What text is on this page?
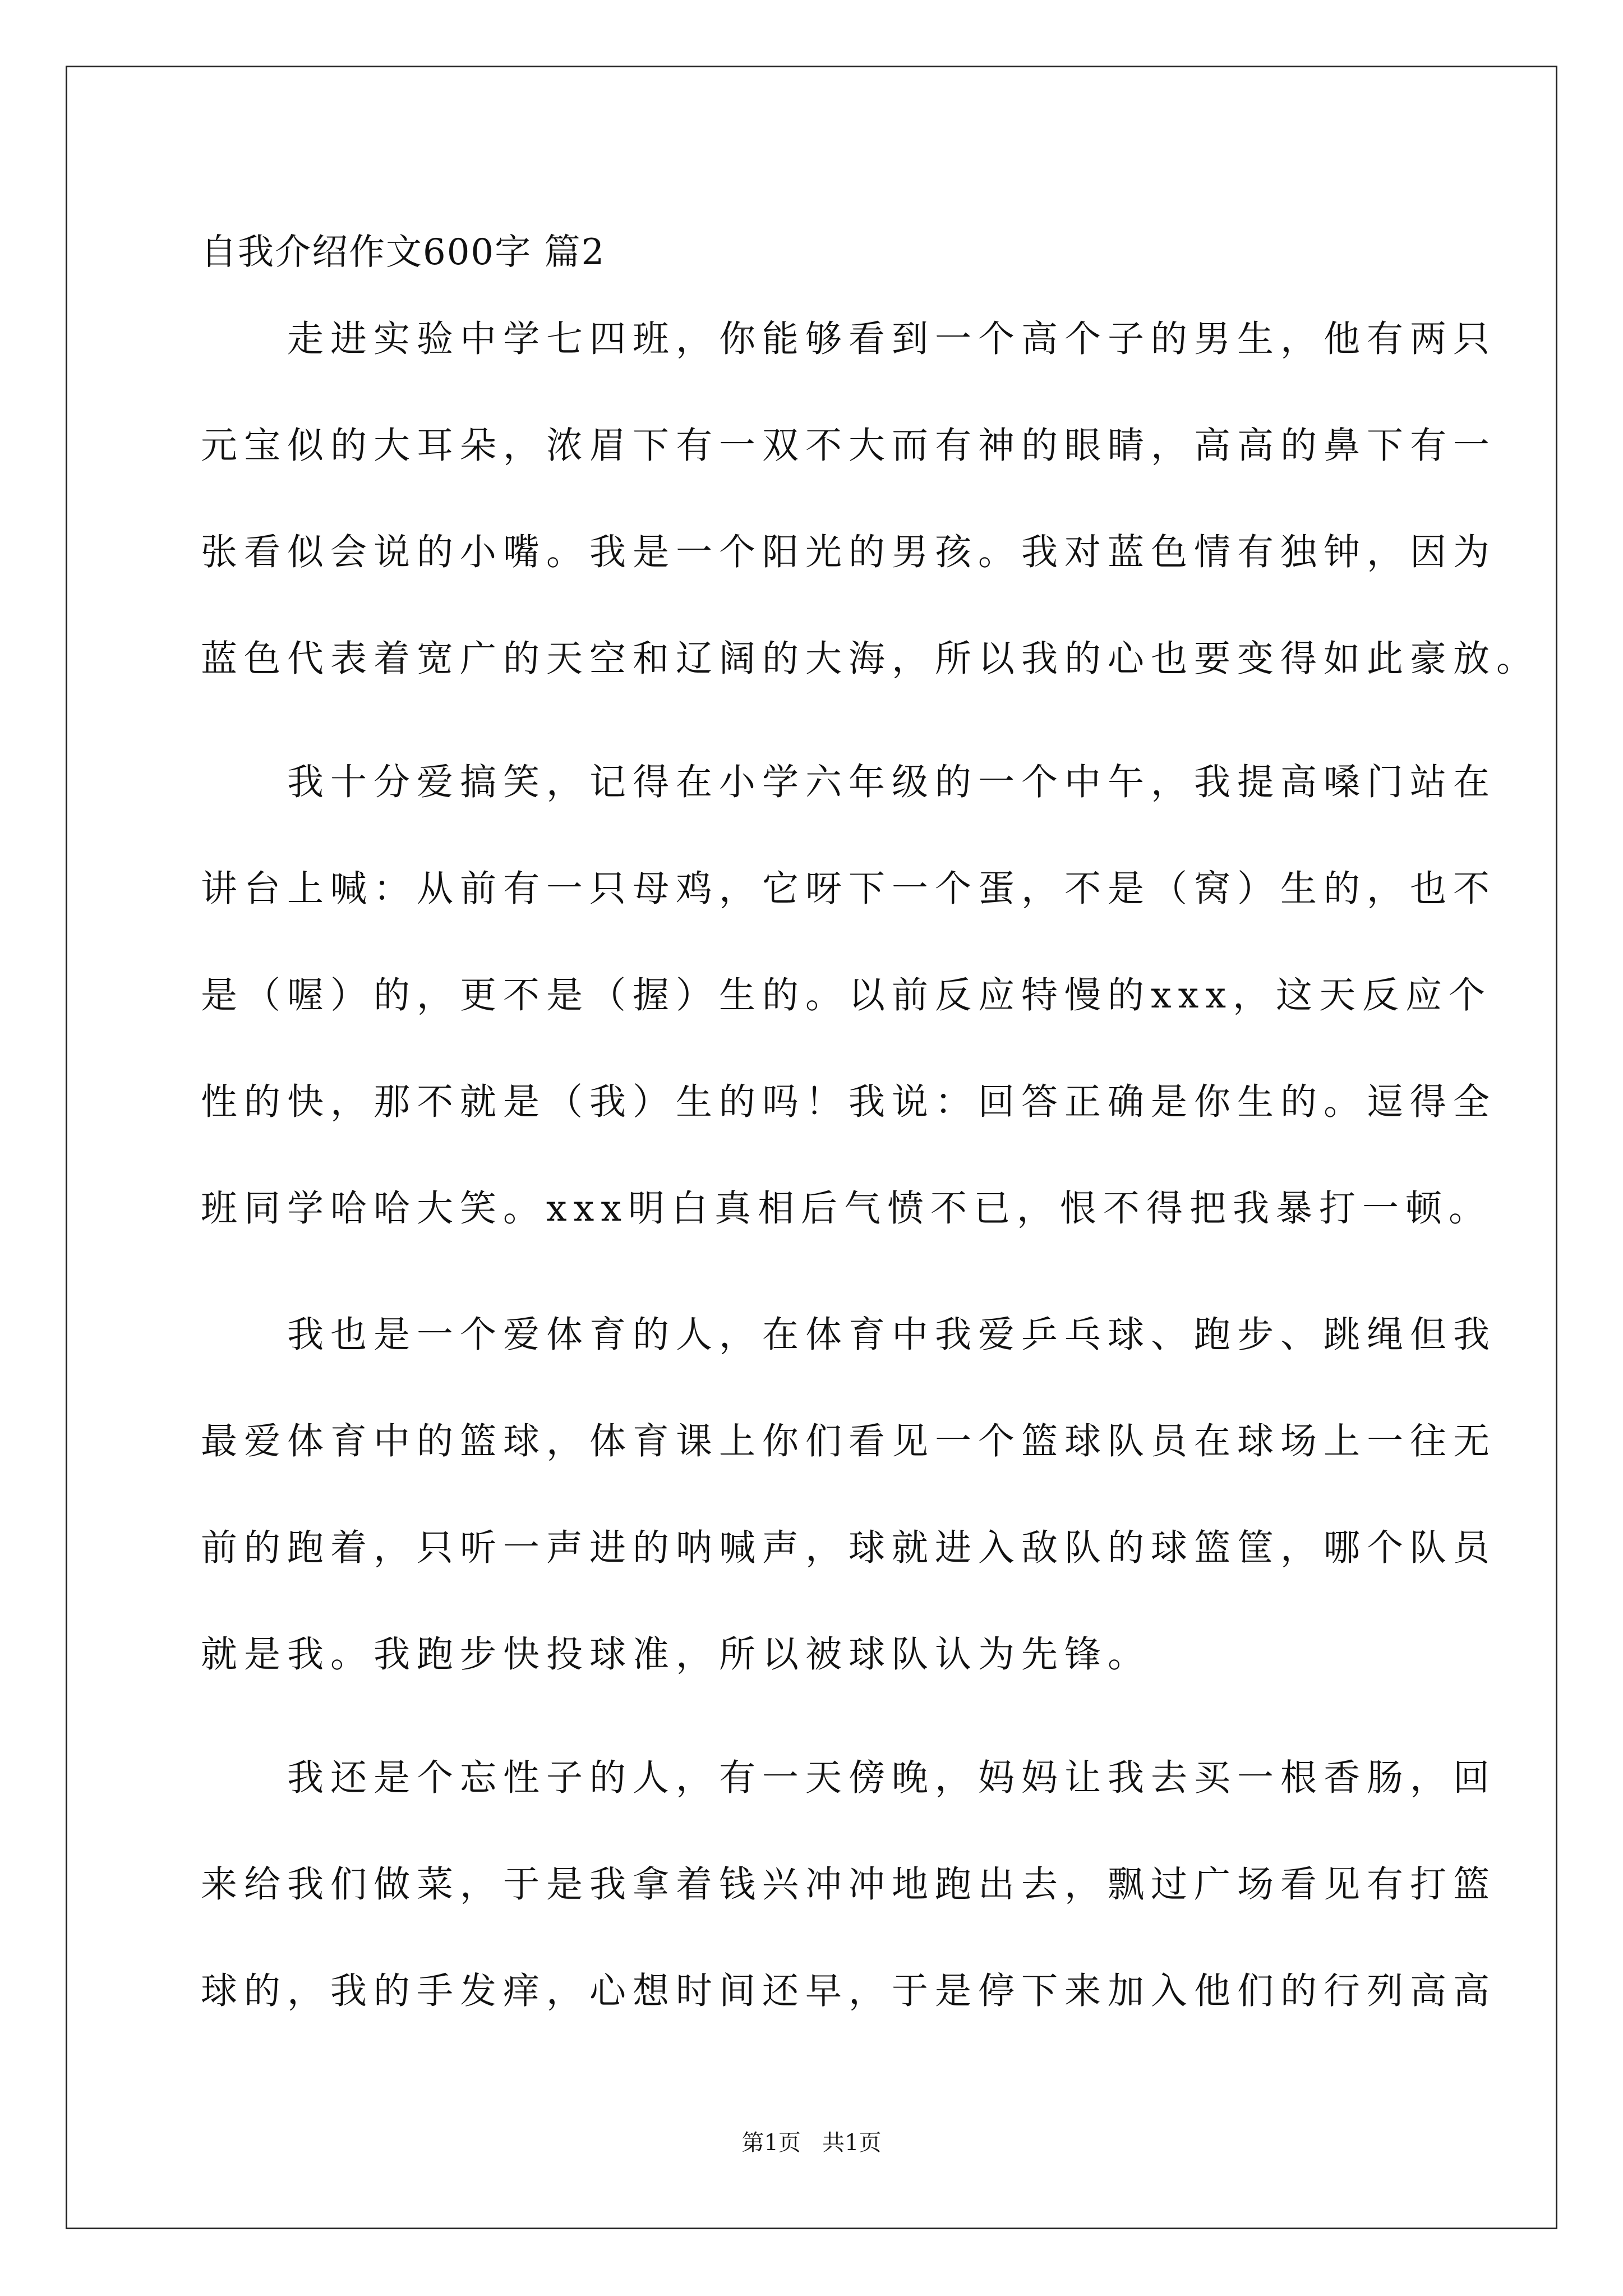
自我介绍作文600字 篇2
　　走进实验中学七四班，你能够看到一个高个子的男生，他有两只
元宝似的大耳朵，浓眉下有一双不大而有神的眼睛，高高的鼻下有一
张看似会说的小嘴。我是一个阳光的男孩。我对蓝色情有独钟，因为
蓝色代表着宽广的天空和辽阔的大海，所以我的心也要变得如此豪放。
　　我十分爱搞笑，记得在小学六年级的一个中午，我提高嗓门站在
讲台上喊：从前有一只母鸡，它呀下一个蛋，不是（窝）生的，也不
是（喔）的，更不是（握）生的。以前反应特慢的xxx，这天反应个
性的快，那不就是（我）生的吗！我说：回答正确是你生的。逗得全
班同学哈哈大笑。xxx明白真相后气愤不已，恨不得把我暴打一顿。
　　我也是一个爱体育的人，在体育中我爱乒乓球、跑步、跳绳但我
最爱体育中的篮球，体育课上你们看见一个篮球队员在球场上一往无
前的跑着，只听一声进的呐喊声，球就进入敌队的球篮筐，哪个队员
就是我。我跑步快投球准，所以被球队认为先锋。
　　我还是个忘性子的人，有一天傍晚，妈妈让我去买一根香肠，回
来给我们做菜，于是我拿着钱兴冲冲地跑出去，飘过广场看见有打篮
球的，我的手发痒，心想时间还早，于是停下来加入他们的行列高高
第1页   共1页
